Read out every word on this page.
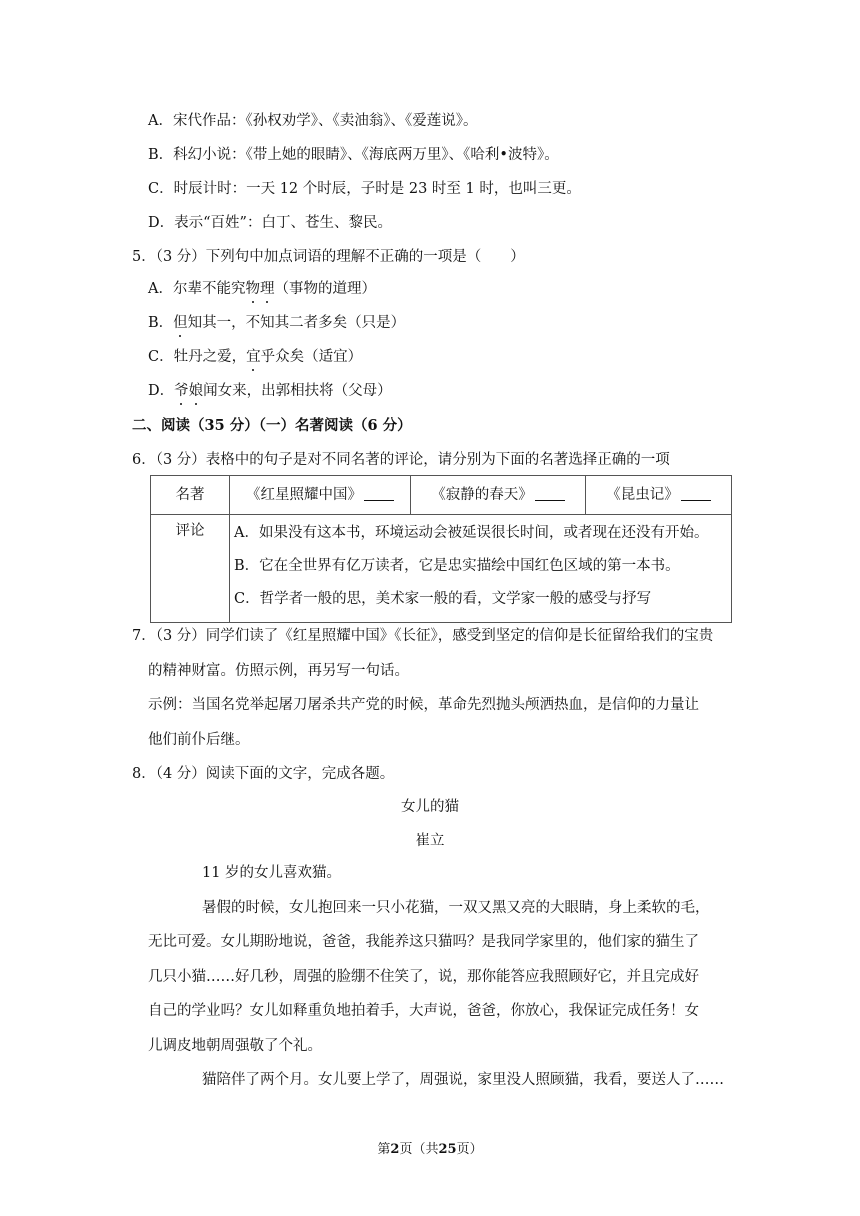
A．宋代作品：《孙权劝学》、《卖油翁》、《爱莲说》。
B．科幻小说：《带上她的眼睛》、《海底两万里》、《哈利•波特》。
C．时辰计时：一天 12 个时辰，子时是 23 时至 1 时，也叫三更。
D．表示“百姓”：白丁、苍生、黎民。
5．（3 分）下列句中加点词语的理解不正确的一项是（　　）
A．尔辈不能究物理（事物的道理）
B．但知其一，不知其二者多矣（只是）
C．牡丹之爱，宜乎众矣（适宜）
D．爷娘闻女来，出郭相扶将（父母）
二、阅读（35 分）（一）名著阅读（6 分）
6．（3 分）表格中的句子是对不同名著的评论，请分别为下面的名著选择正确的一项
名著	《红星照耀中国》	《寂静的春天》	《昆虫记》
评论	A．如果没有这本书，环境运动会被延误很长时间，或者现在还没有开始。
B．它在全世界有亿万读者，它是忠实描绘中国红色区域的第一本书。
C．哲学者一般的思，美术家一般的看，文学家一般的感受与抒写		
7．（3 分）同学们读了《红星照耀中国》《长征》，感受到坚定的信仰是长征留给我们的宝贵
的精神财富。仿照示例，再另写一句话。
示例：当国名党举起屠刀屠杀共产党的时候，革命先烈抛头颅洒热血，是信仰的力量让
他们前仆后继。
8．（4 分）阅读下面的文字，完成各题。
女儿的猫
崔立
11 岁的女儿喜欢猫。
暑假的时候，女儿抱回来一只小花猫，一双又黑又亮的大眼睛，身上柔软的毛，
无比可爱。女儿期盼地说，爸爸，我能养这只猫吗？是我同学家里的，他们家的猫生了
几只小猫……好几秒，周强的脸绷不住笑了，说，那你能答应我照顾好它，并且完成好
自己的学业吗？女儿如释重负地拍着手，大声说，爸爸，你放心，我保证完成任务！女
儿调皮地朝周强敬了个礼。
猫陪伴了两个月。女儿要上学了，周强说，家里没人照顾猫，我看，要送人了……
第2页（共25页）
